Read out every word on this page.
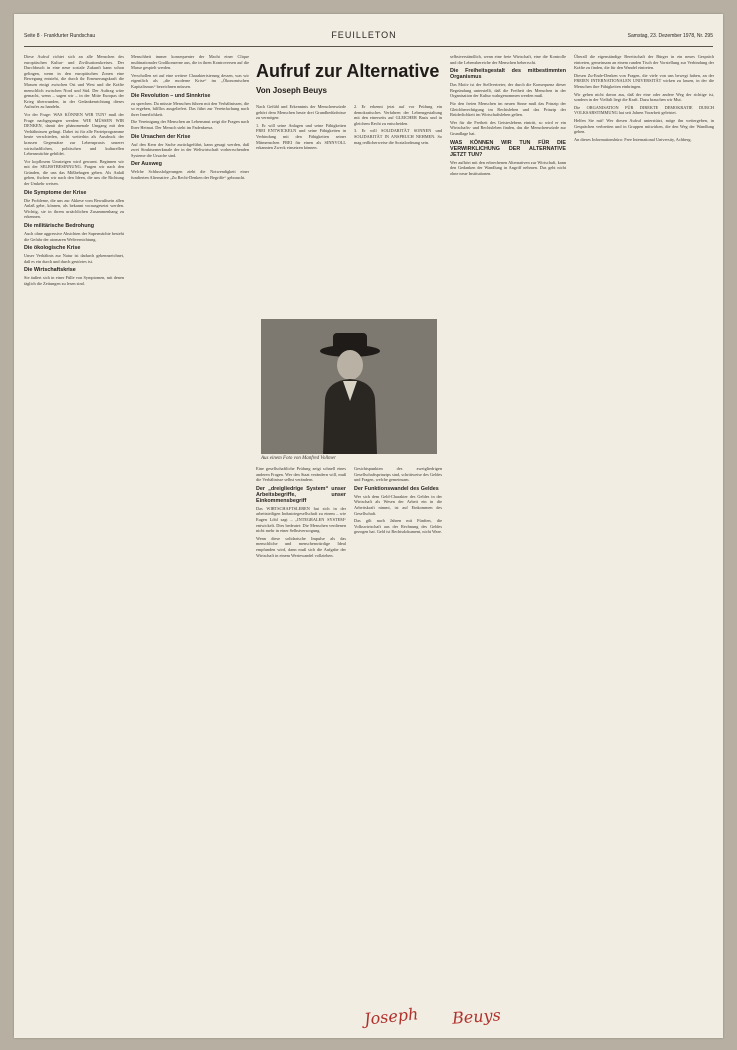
Seite 8 · Frankfurter Rundschau	FEUILLETON	Samstag, 23. Dezember 1978, Nr. 295

Diese Aufruf richtet sich an alle Menschen des europäischen Kultur- und Zivilisationskreises. Der Durchbruch in eine neue soziale Zukunft kann schon gelingen, wenn in den europäischen Zonen eine Bewegung entsteht, die durch ihr Erneuerungskraft die Massen einigt zwischen Ost und West und die Kräfte menschlich zwischen Nord und Süd. Der Auftrag wäre gemacht, wenn – sagen wir – in der Mitte Europas der Krieg überwunden, in der Gedankenrichtung dieses Aufrufes zu handeln.

Vor der Frage: WAS KÖNNEN WIR TUN? muß der Frage nachgegangen werden: WIE MÜSSEN WIR DENKEN, damit der phänomenale Umgang mit den Verhältnissen gelingt. Dabei ist für alle Parteiprogramme heute verschieden, nicht weiterhin als Ausdruck der krassen Gegensätze zur Lebenspraxis unserer wirtschaftlichen, politischen und kulturellen Lebensmächte gebildet.

Vor kopflosem Umsteigen wird gewarnt. Beginnen wir mit der SELBSTBESINNUNG. Fragen wir nach den Gründen, die uns das Mißbehagen geben. Als Anlaß gehen, fischen wir nach den Ideen, die uns die Richtung der Umkehr weisen.

Die Symptome der Krise

Die Probleme, die uns zur Akkese vom Bewußtsein allen Anlaß gebe, können, als bekannt vorausgesetzt werden. Wichtig, sie in ihrem ursächlichen Zusammenhang zu erkennen.

Die militärische Bedrohung

Auch ohne aggressive Absichten der Supermächte besteht die Gefahr der atomaren Weltvernichtung.

Die ökologische Krise

Unser Verhältnis zur Natur ist dadurch gekennzeichnet, daß es ein durch und durch gestörtes ist.

Die Wirtschaftskrise

Sie äußert sich in einer Fülle von Symptomen, mit denen täglich die Zeitungen zu lesen sind.

Menschheit immer konsequenter der Macht einer Clique multinationaler Großkonzerne aus, die in ihren Kontroversen auf die Masse gespielt werden.

Verschollen sei auf eine weitere Charakterisierung dessen, was wir eigentlich als „die moderne Krise“ im „Ökonomischen Kapitalismus“ bezeichnen müssen.

Die Revolution – und Sinnkrise

zu sprechen. Da müsste Menschen führen mit den Verhältnissen, die so ergeben, hilfllos ausgeliefert. Das führt zur Vereinfachung nach ihrer Innerlichkeit.

Die Vereinigung der Menschen an Lebensmut zeigt die Fragen nach Ihrer Heimat. Der Mensch steht im Fadenkreuz.

Die Ursachen der Krise

Auf den Kern der Sache zurückgeführt, kann gesagt werden, daß zwei Strukturmerkmale der in der Weltwirtschaft vorherrschenden Systeme die Ursache sind.

Der Ausweg

Welche Schlussfolgerungen zieht die Notwendigkeit einer fundierten Alternative „Zu Recht-Denken der Begriffe“ gebraucht.

Aufruf zur Alternative
Von Joseph Beuys

Nach Gefühl und Erkenntnis der Menschenwürde gehört dem Menschen heute drei Grundbedürfnisse zu vermögen:

1. Er will seine Anlagen und seine Fähigkeiten FREI ENTWICKELN und seine Fähigkeiten in Verbindung mit den Fähigkeiten seiner Mitmenschen FREI für einen als SINNVOLL erkannten Zweck einsetzen können.

2. Er erkennt jetzt auf vor Prüfung ein demokratisches Verfahren der Lebensgestaltung mit den einerseits auf GLEICHER Basis und in gleichem Recht zu entscheiden.

3. Er will SOLIDARITÄT SONNEN und SOLIDARITÄT IN ANSPRUCH NEHMEN. So mag redlicherweise die Sozialordnung sein.

Aus einem Foto von Manfred Vollmer

Eine gesellschaftliche Prüfung zeigt schnell eines anderen Fragen. Wer den Staat verändern will, muß die Verhältnisse selbst verändern.

Der „dreigliedrige System“ unser Arbeitsbegriffe, unser Einkommensbegriff

Das WIRTSCHAFTSLEBEN hat sich in der arbeitsteiligen Industriegesellschaft zu einem – wie Eugen Löbl sagt – „INTEGRALEN SYSTEM“ entwickelt. Dies bedeutet: Die Menschen verdienen nicht mehr in einer Selbstversorgung.

Wenn diese solidarische Impulse als das menschliche und menschenwürdige Ideal empfunden wird, dann muß sich die Aufgabe der Wirtschaft in einem Wertewandel vollziehen.

Gesichtspunkten des zweigliedrigen Gesellschaftsprinzips sind, schrittweise des Geldes und Fragen, welche gemeinsam.

Der Funktionswandel des Geldes

Wer sich dem Geld-Charakter des Geldes in der Wirtschaft als Wesen der Arbeit ein in die Arbeitskraft nimmt, ist auf Einkommen des Gesellschaft.

Das gilt nach Jahren mit Fünften, die Volkswirtschaft aus der Rechnung des Geldes gezogen hat. Geld ist Rechtsdokument, nicht Ware.

selbstverständlich, wenn eine freie Wirtschaft, eine die Kontrolle und die Lebensbereiche der Menschen beherrscht.

Die Freiheitsgestalt des mitbestimmten Organismus

Das Motiv ist der Stellvertreter, der durch die Konsequenz dieser Begründung unterstellt, daß die Freiheit des Menschen in der Organisation der Kultur wahrgenommen werden muß.

Für den freien Menschen im neuen Sinne muß das Prinzip der Gleichberechtigung im Rechtsleben und das Prinzip der Brüderlichkeit im Wirtschaftsleben gelten.

Wer für die Freiheit des Geisteslebens eintritt, so wird er ein Wirtschafts- und Rechtsleben finden, das die Menschenwürde zur Grundlage hat.

WAS KÖNNEN WIR TUN FÜR DIE VERWIRKLICHUNG DER ALTERNATIVE JETZT TUN?

Wer aufhört mit den erbrechenen Alternativen zur Wirtschaft, kann den Gedanken der Wandlung in Angriff nehmen. Das geht nicht ohne neue Institutionen.

Überall die eigenständige Bereitschaft der Bürger in ein neues Gespräch eintreten, gemeinsam an einem runden Tisch der Vorstellung zur Verbindung der Kräfte zu finden, die für den Wandel eintreten.

Diesen Zu-Ende-Denken von Fragen, die viele von uns bewegt haben, an der FREIEN INTERNATIONALEN UNIVERSITÄT wirken zu lassen, in der die Menschen ihre Fähigkeiten einbringen.

Wir gehen nicht davon aus, daß der eine oder andere Weg der richtige ist, sondern in der Vielfalt liegt die Kraft. Dazu brauchen wir Mut.

Die ORGANISATION FÜR DIREKTE DEMOKRATIE DURCH VOLKSABSTIMMUNG hat seit Jahren Vorarbeit geleistet.

Helfen Sie mit! Wer diesen Aufruf unterstützt, möge ihn weitergeben, in Gesprächen verbreiten und in Gruppen mitwirken, die den Weg der Wandlung gehen.

An dieses Informationsbüro: Free International University, Achberg.

Joseph Beuys
